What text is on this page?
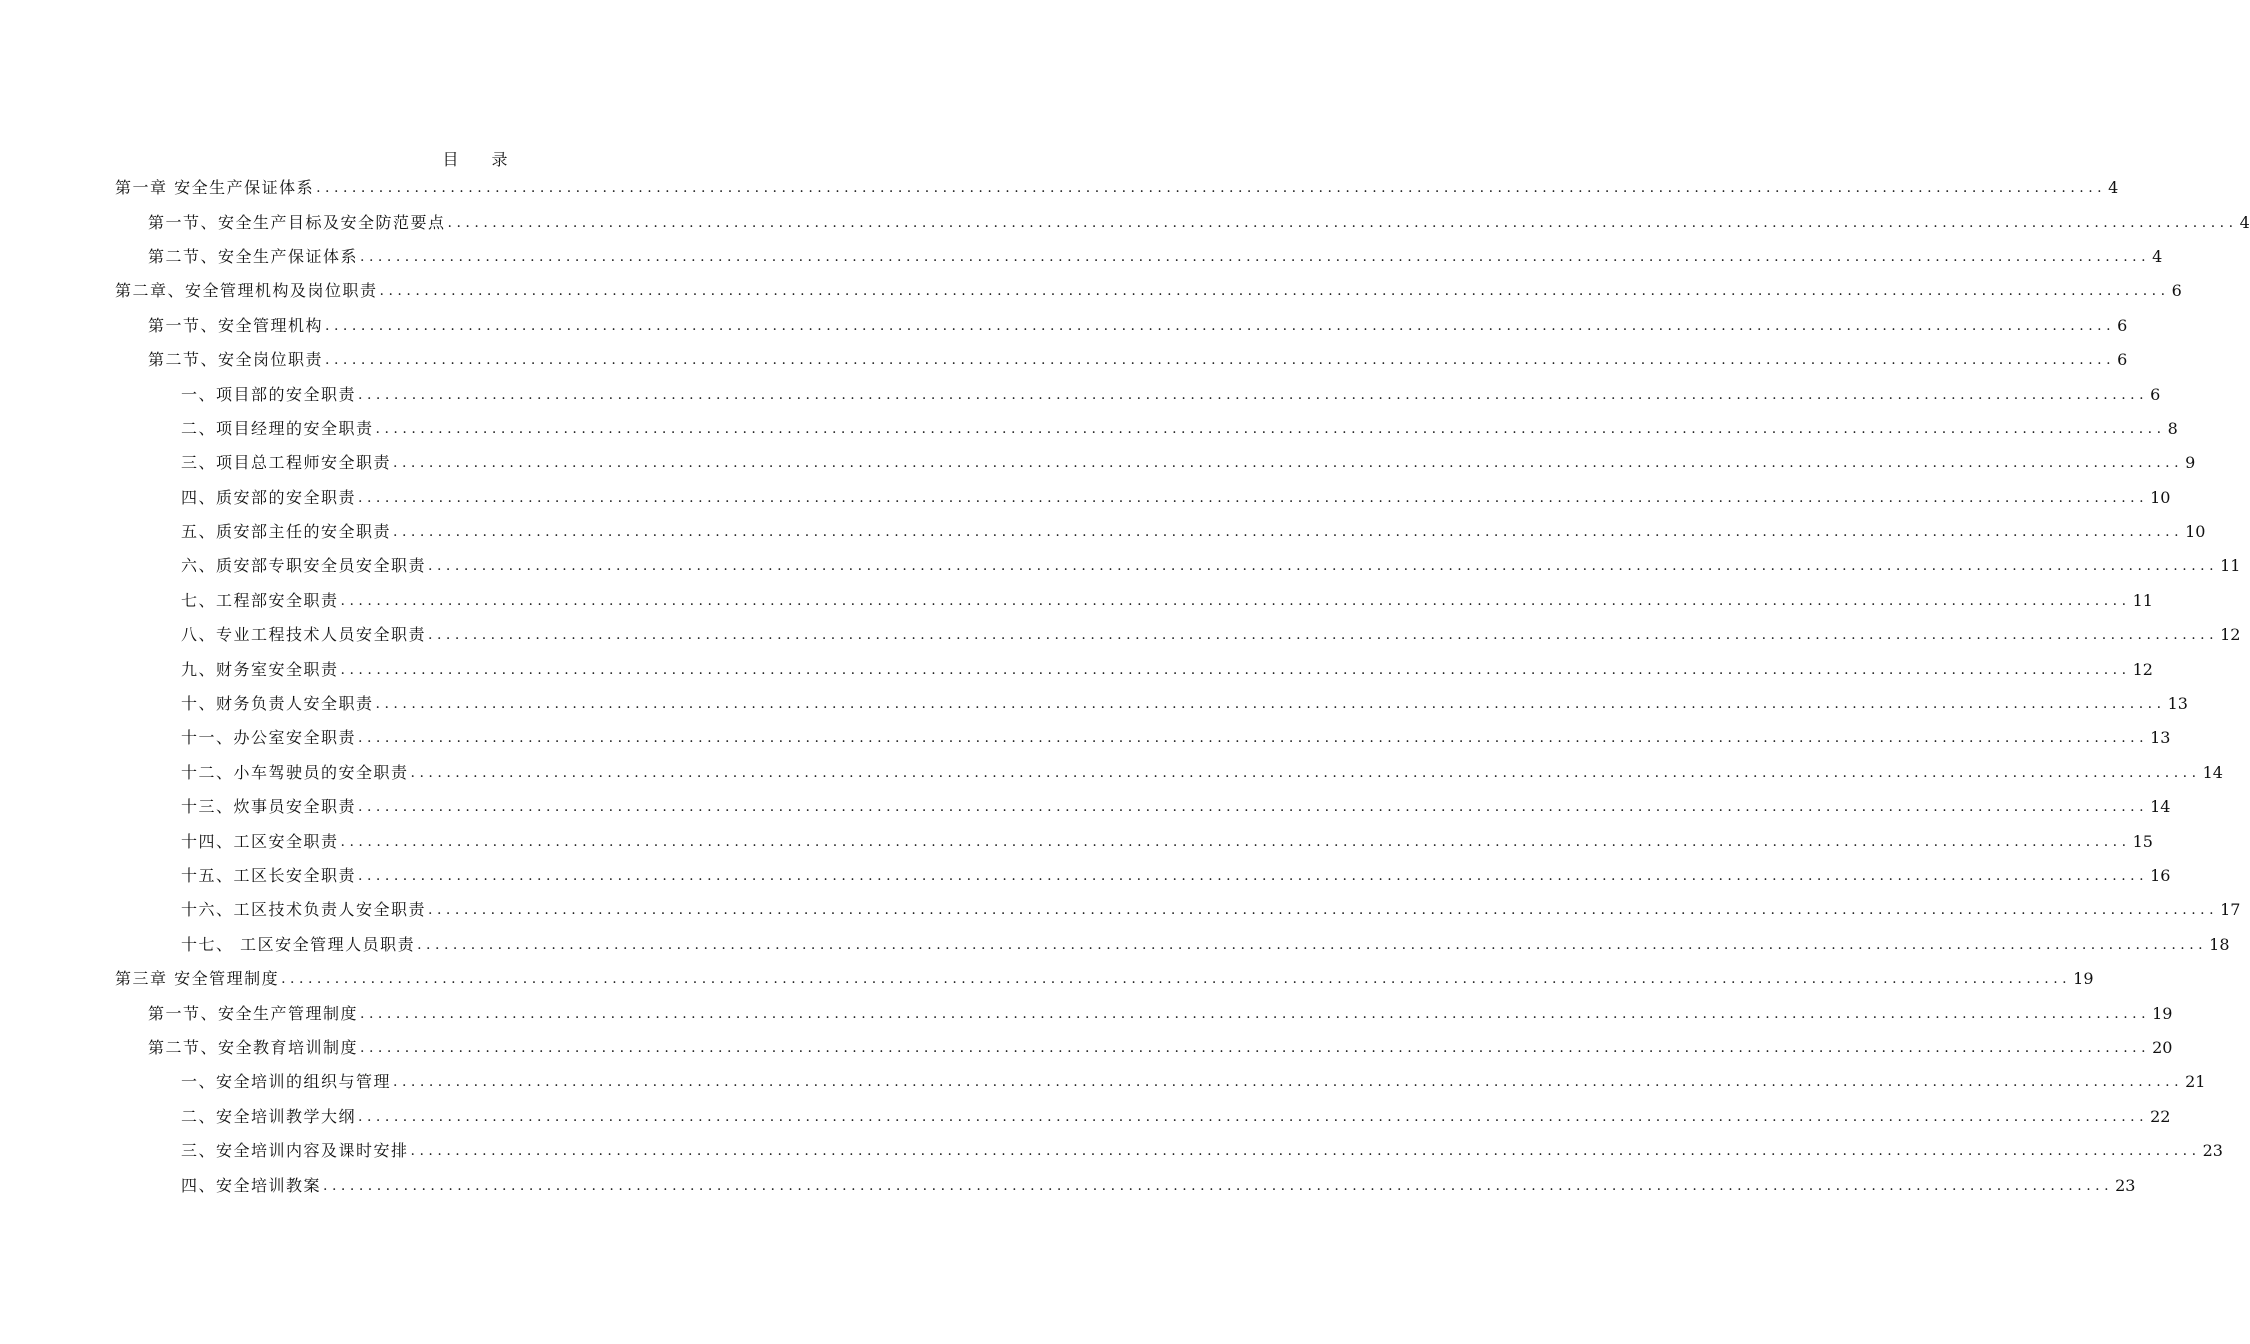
目 录
第一章 安全生产保证体系 ........................................................................................................................................................................................................ 4
第一节、安全生产目标及安全防范要点 ........................................................................................................................................................................................................ 4
第二节、安全生产保证体系 ........................................................................................................................................................................................................ 4
第二章、安全管理机构及岗位职责 ........................................................................................................................................................................................................ 6
第一节、安全管理机构 ........................................................................................................................................................................................................ 6
第二节、安全岗位职责 ........................................................................................................................................................................................................ 6
一、项目部的安全职责 ........................................................................................................................................................................................................ 6
二、项目经理的安全职责 ........................................................................................................................................................................................................ 8
三、项目总工程师安全职责 ........................................................................................................................................................................................................ 9
四、质安部的安全职责 ........................................................................................................................................................................................................ 10
五、质安部主任的安全职责 ........................................................................................................................................................................................................ 10
六、质安部专职安全员安全职责 ........................................................................................................................................................................................................ 11
七、工程部安全职责 ........................................................................................................................................................................................................ 11
八、专业工程技术人员安全职责 ........................................................................................................................................................................................................ 12
九、财务室安全职责 ........................................................................................................................................................................................................ 12
十、财务负责人安全职责 ........................................................................................................................................................................................................ 13
十一、办公室安全职责 ........................................................................................................................................................................................................ 13
十二、小车驾驶员的安全职责 ........................................................................................................................................................................................................ 14
十三、炊事员安全职责 ........................................................................................................................................................................................................ 14
十四、工区安全职责 ........................................................................................................................................................................................................ 15
十五、工区长安全职责 ........................................................................................................................................................................................................ 16
十六、工区技术负责人安全职责 ........................................................................................................................................................................................................ 17
十七、 工区安全管理人员职责 ........................................................................................................................................................................................................ 18
第三章 安全管理制度 ........................................................................................................................................................................................................ 19
第一节、安全生产管理制度 ........................................................................................................................................................................................................ 19
第二节、安全教育培训制度 ........................................................................................................................................................................................................ 20
一、安全培训的组织与管理 ........................................................................................................................................................................................................ 21
二、安全培训教学大纲 ........................................................................................................................................................................................................ 22
三、安全培训内容及课时安排 ........................................................................................................................................................................................................ 23
四、安全培训教案 ........................................................................................................................................................................................................ 23
